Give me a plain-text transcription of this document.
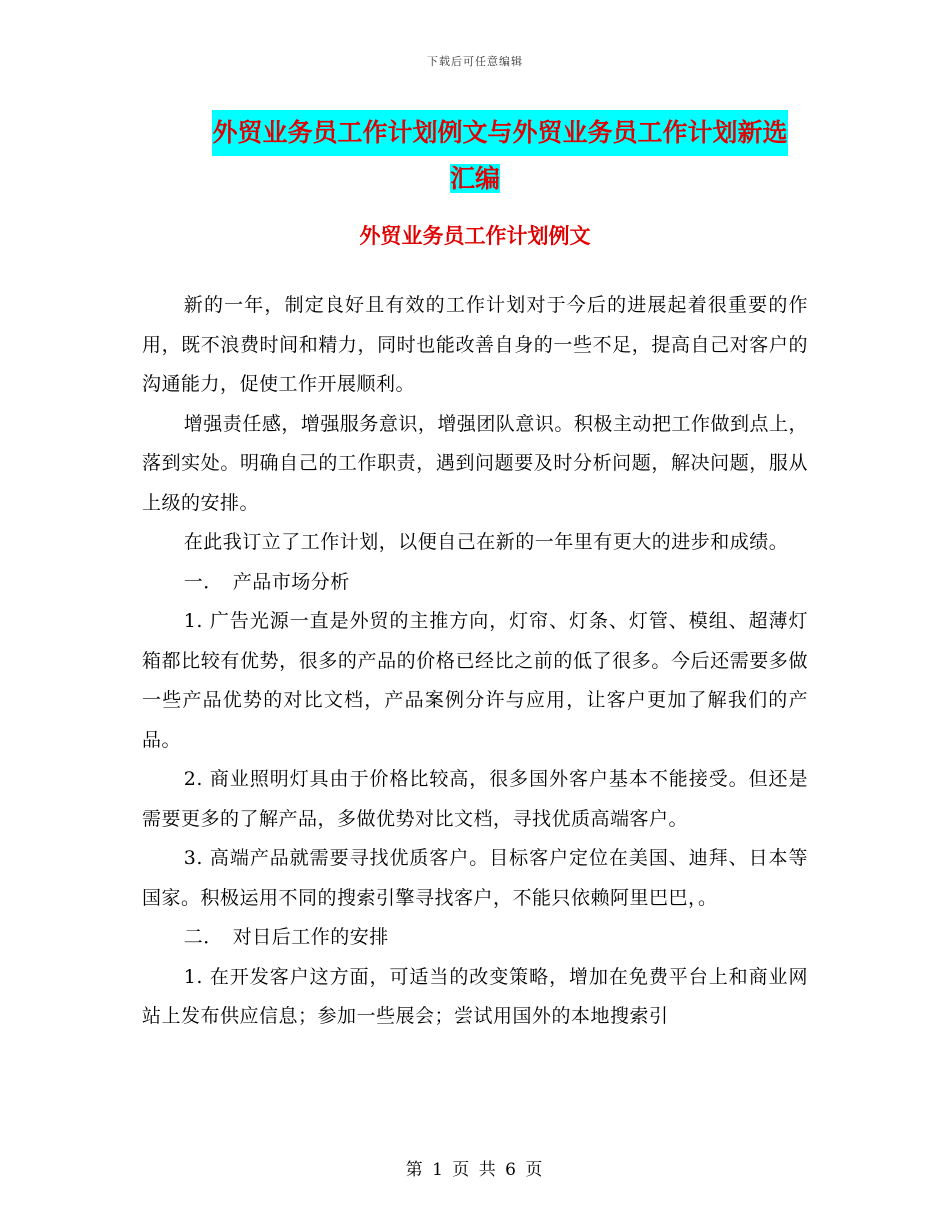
下载后可任意编辑
外贸业务员工作计划例文与外贸业务员工作计划新选
汇编
外贸业务员工作计划例文

新的一年，制定良好且有效的工作计划对于今后的进展起着很重要的作用，既不浪费时间和精力，同时也能改善自身的一些不足，提高自己对客户的沟通能力，促使工作开展顺利。

增强责任感，增强服务意识，增强团队意识。积极主动把工作做到点上，落到实处。明确自己的工作职责，遇到问题要及时分析问题，解决问题，服从上级的安排。

在此我订立了工作计划，以便自己在新的一年里有更大的进步和成绩。

一．　产品市场分析

1. 广告光源一直是外贸的主推方向，灯帘、灯条、灯管、模组、超薄灯箱都比较有优势，很多的产品的价格已经比之前的低了很多。今后还需要多做一些产品优势的对比文档，产品案例分许与应用，让客户更加了解我们的产品。

2. 商业照明灯具由于价格比较高，很多国外客户基本不能接受。但还是需要更多的了解产品，多做优势对比文档，寻找优质高端客户。

3. 高端产品就需要寻找优质客户。目标客户定位在美国、迪拜、日本等国家。积极运用不同的搜索引擎寻找客户，不能只依赖阿里巴巴，。

二．　对日后工作的安排

1. 在开发客户这方面，可适当的改变策略，增加在免费平台上和商业网站上发布供应信息；参加一些展会；尝试用国外的本地搜索引

第 1 页 共 6 页
